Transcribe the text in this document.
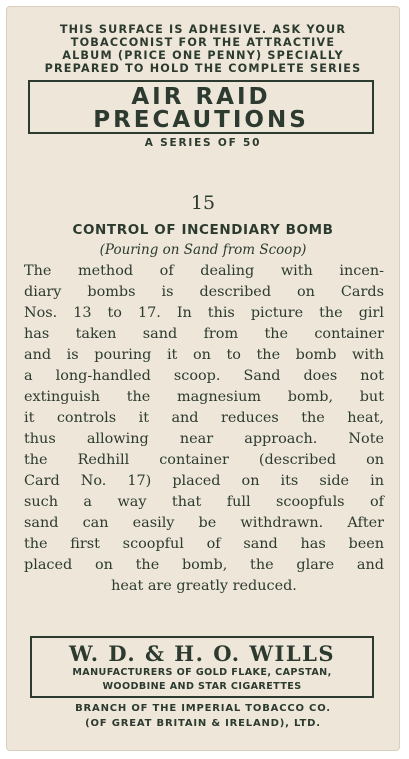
THIS SURFACE IS ADHESIVE. ASK YOUR
TOBACCONIST FOR THE ATTRACTIVE
ALBUM (PRICE ONE PENNY) SPECIALLY
PREPARED TO HOLD THE COMPLETE SERIES
AIR RAID
PRECAUTIONS
A SERIES OF 50
15
CONTROL OF INCENDIARY BOMB
(Pouring on Sand from Scoop)
The method of dealing with incen-
diary bombs is described on Cards
Nos. 13 to 17. In this picture the girl
has taken sand from the container
and is pouring it on to the bomb with
a long-handled scoop. Sand does not
extinguish the magnesium bomb, but
it controls it and reduces the heat,
thus allowing near approach. Note
the Redhill container (described on
Card No. 17) placed on its side in
such a way that full scoopfuls of
sand can easily be withdrawn. After
the first scoopful of sand has been
placed on the bomb, the glare and
heat are greatly reduced.
W. D. & H. O. WILLS
MANUFACTURERS OF GOLD FLAKE, CAPSTAN,
WOODBINE AND STAR CIGARETTES
BRANCH OF THE IMPERIAL TOBACCO CO.
(OF GREAT BRITAIN & IRELAND), LTD.
